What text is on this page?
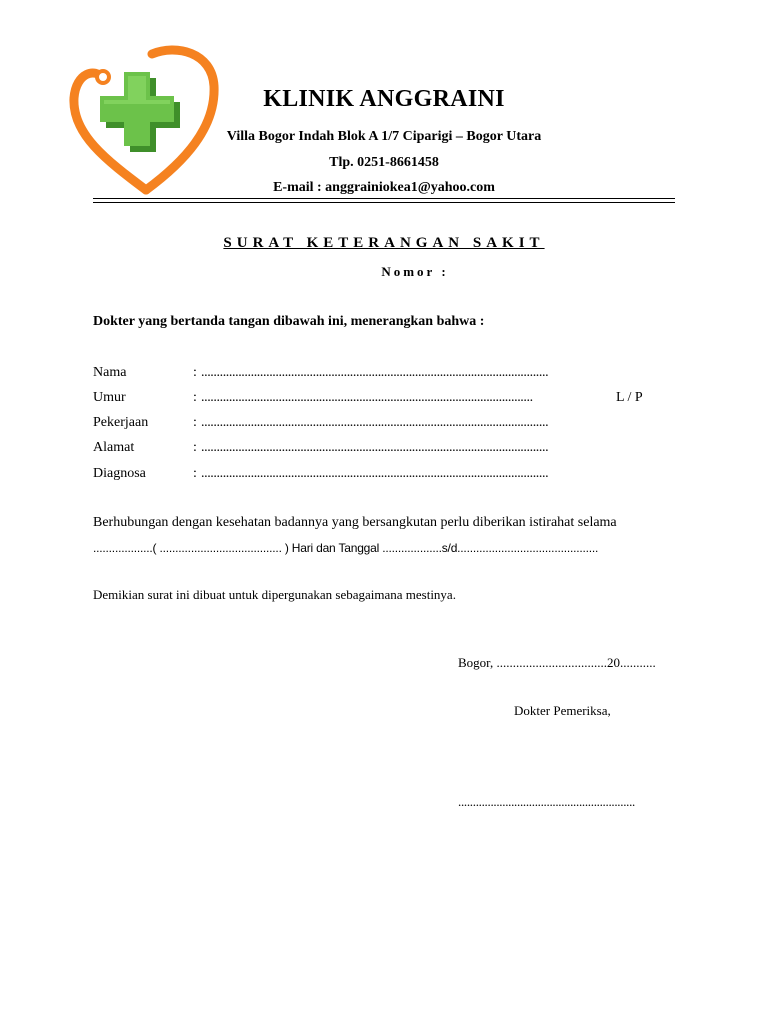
KLINIK ANGGRAINI
Villa Bogor Indah Blok A 1/7 Ciparigi – Bogor Utara
Tlp. 0251-8661458
E-mail : anggrainiokea1@yahoo.com
SURAT KETERANGAN SAKIT
Nomor :
Dokter yang bertanda tangan dibawah ini, menerangkan bahwa :
Nama	: ................................................................................................................
Umur	: ...........................................................................................................	L / P
Pekerjaan	: ................................................................................................................
Alamat	: ................................................................................................................
Diagnosa	: ................................................................................................................
Berhubungan dengan kesehatan badannya yang bersangkutan perlu diberikan istirahat selama
...................( ....................................... ) Hari dan Tanggal ...................s/d.............................................
Demikian surat ini dibuat untuk dipergunakan sebagaimana mestinya.
Bogor, ..................................20...........
Dokter Pemeriksa,
............................................................
